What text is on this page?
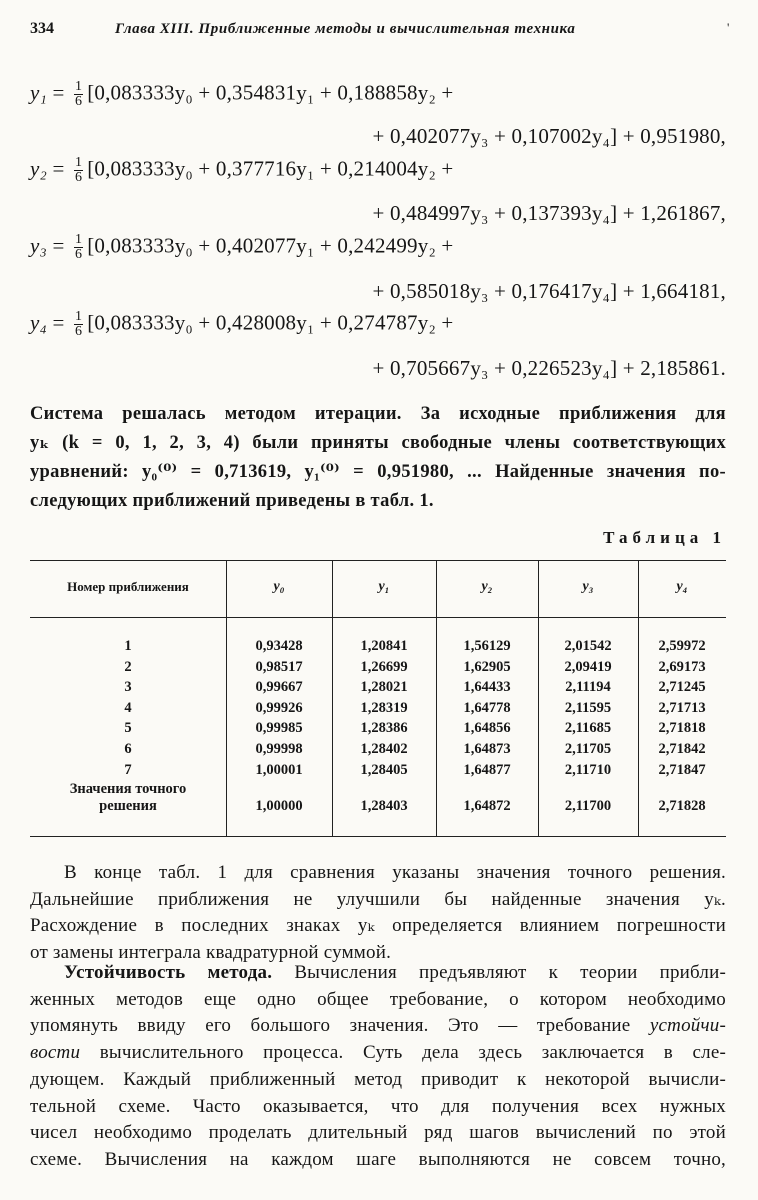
334	Глава XIII. Приближенные методы и вычислительная техника	'
$y_1 = \frac{1}{6} [0,083333y_0 + 0,354831y_1 + 0,188858y_2$ +
+ 0,402077y₃ + 0,107002y₄] + 0,951980,
$y_2 = \frac{1}{6} [0,083333y_0 + 0,377716y_1 + 0,214004y_2$ +
+ 0,484997y₃ + 0,137393y₄] + 1,261867,
$y_3 = \frac{1}{6} [0,083333y_0 + 0,402077y_1 + 0,242499y_2$ +
+ 0,585018y₃ + 0,176417y₄] + 1,664181,
$y_4 = \frac{1}{6} [0,083333y_0 + 0,428008y_1 + 0,274787y_2$ +
+ 0,705667y₃ + 0,226523y₄] + 2,185861.
Система решалась методом итерации. За исходные приближения для
yₖ (k = 0, 1, 2, 3, 4) были приняты свободные члены соответствующих
уравнений: y₀⁽⁰⁾ = 0,713619, y₁⁽⁰⁾ = 0,951980, ... Найденные значения по-
следующих приближений приведены в табл. 1.
Таблица 1
Номер приближения	y₀	y₁	y₂	y₃	y₄
1	0,93428	1,20841	1,56129	2,01542	2,59972
2	0,98517	1,26699	1,62905	2,09419	2,69173
3	0,99667	1,28021	1,64433	2,11194	2,71245
4	0,99926	1,28319	1,64778	2,11595	2,71713
5	0,99985	1,28386	1,64856	2,11685	2,71818
6	0,99998	1,28402	1,64873	2,11705	2,71842
7	1,00001	1,28405	1,64877	2,11710	2,71847
Значения точного
решения	1,00000	1,28403	1,64872	2,11700	2,71828
В конце табл. 1 для сравнения указаны значения точного решения.
Дальнейшие приближения не улучшили бы найденные значения yₖ.
Расхождение в последних знаках yₖ определяется влиянием погрешности
от замены интеграла квадратурной суммой.
Устойчивость метода. Вычисления предъявляют к теории прибли-
женных методов еще одно общее требование, о котором необходимо
упомянуть ввиду его большого значения. Это — требование устойчи-
вости вычислительного процесса. Суть дела здесь заключается в сле-
дующем. Каждый приближенный метод приводит к некоторой вычисли-
тельной схеме. Часто оказывается, что для получения всех нужных
чисел необходимо проделать длительный ряд шагов вычислений по этой
схеме. Вычисления на каждом шаге выполняются не совсем точно,
